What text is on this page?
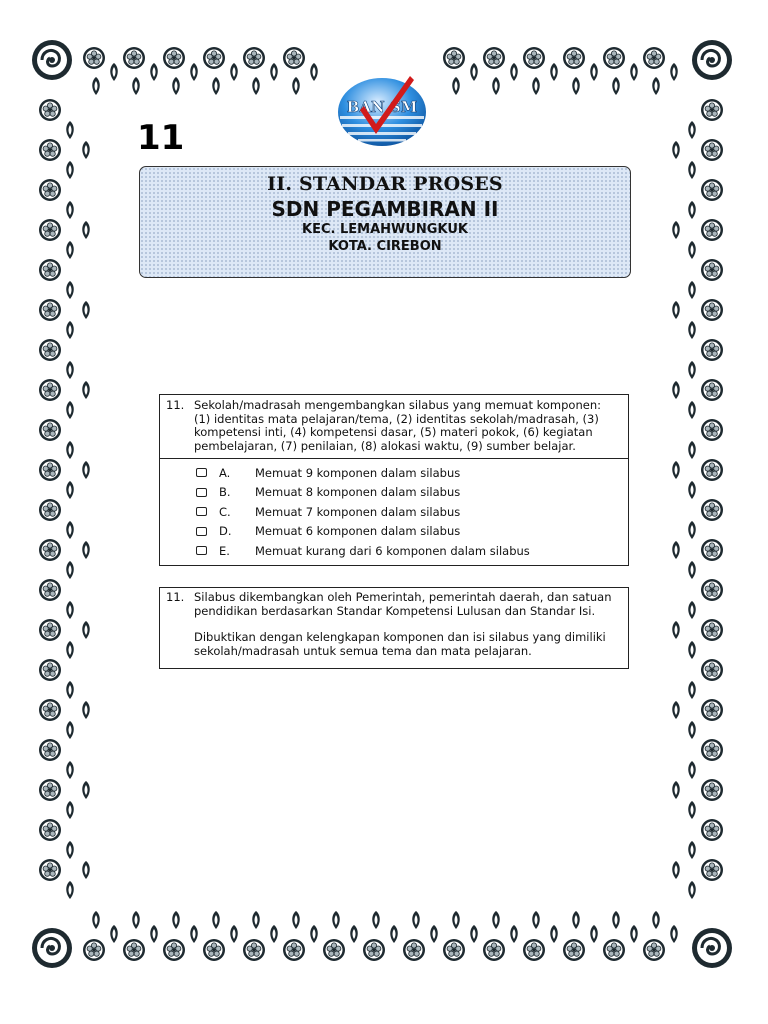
BAN SM
11
II. STANDAR PROSES
SDN PEGAMBIRAN II
KEC. LEMAHWUNGKUK
KOTA. CIREBON
11. Sekolah/madrasah mengembangkan silabus yang memuat komponen:
(1) identitas mata pelajaran/tema, (2) identitas sekolah/madrasah, (3)
kompetensi inti, (4) kompetensi dasar, (5) materi pokok, (6) kegiatan
pembelajaran, (7) penilaian, (8) alokasi waktu, (9) sumber belajar.
A.	Memuat 9 komponen dalam silabus
B.	Memuat 8 komponen dalam silabus
C.	Memuat 7 komponen dalam silabus
D.	Memuat 6 komponen dalam silabus
E.	Memuat kurang dari 6 komponen dalam silabus
11. Silabus dikembangkan oleh Pemerintah, pemerintah daerah, dan satuan
pendidikan berdasarkan Standar Kompetensi Lulusan dan Standar Isi.

Dibuktikan dengan kelengkapan komponen dan isi silabus yang dimiliki
sekolah/madrasah untuk semua tema dan mata pelajaran.
